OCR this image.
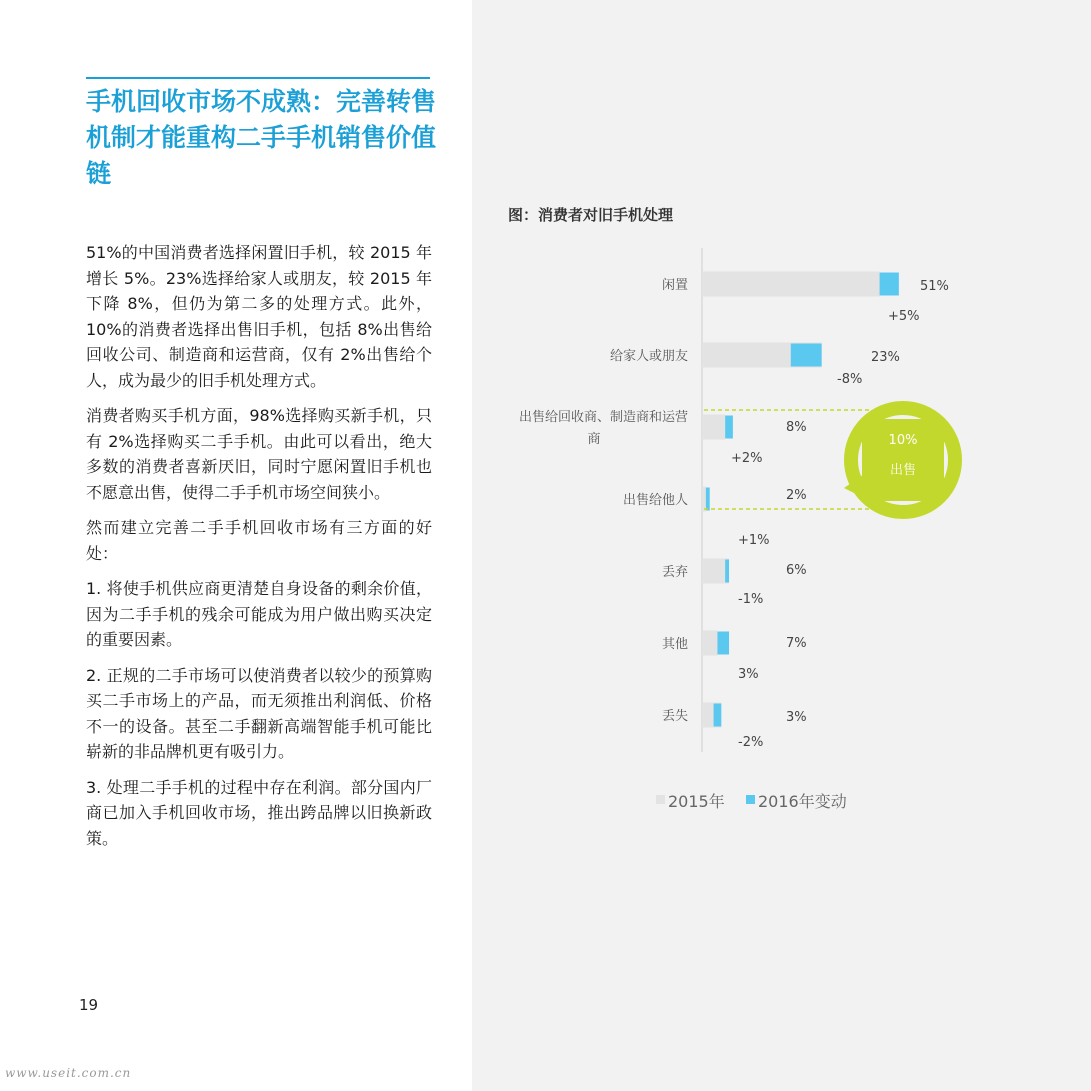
手机回收市场不成熟：完善转售机制才能重构二手手机销售价值链

51%的中国消费者选择闲置旧手机，较 2015 年增长 5%。23%选择给家人或朋友，较 2015 年下降 8%，但仍为第二多的处理方式。此外，10%的消费者选择出售旧手机，包括 8%出售给回收公司、制造商和运营商，仅有 2%出售给个人，成为最少的旧手机处理方式。

消费者购买手机方面，98%选择购买新手机，只有 2%选择购买二手手机。由此可以看出，绝大多数的消费者喜新厌旧，同时宁愿闲置旧手机也不愿意出售，使得二手手机市场空间狭小。

然而建立完善二手手机回收市场有三方面的好处：

1. 将使手机供应商更清楚自身设备的剩余价值，因为二手手机的残余可能成为用户做出购买决定的重要因素。

2. 正规的二手市场可以使消费者以较少的预算购买二手市场上的产品，而无须推出利润低、价格不一的设备。甚至二手翻新高端智能手机可能比崭新的非品牌机更有吸引力。

3. 处理二手手机的过程中存在利润。部分国内厂商已加入手机回收市场，推出跨品牌以旧换新政策。

19
www.useit.com.cn
图：消费者对旧手机处理
闲置	51%
+5%
给家人或朋友	23%
-8%
出售给回收商、制造商和运营
商
8%
+2%
出售给他人	2%
+1%
丢弃	6%
-1%
其他	7%
3%
丢失	3%
-2%
10%
出售
2015年 2016年变动
